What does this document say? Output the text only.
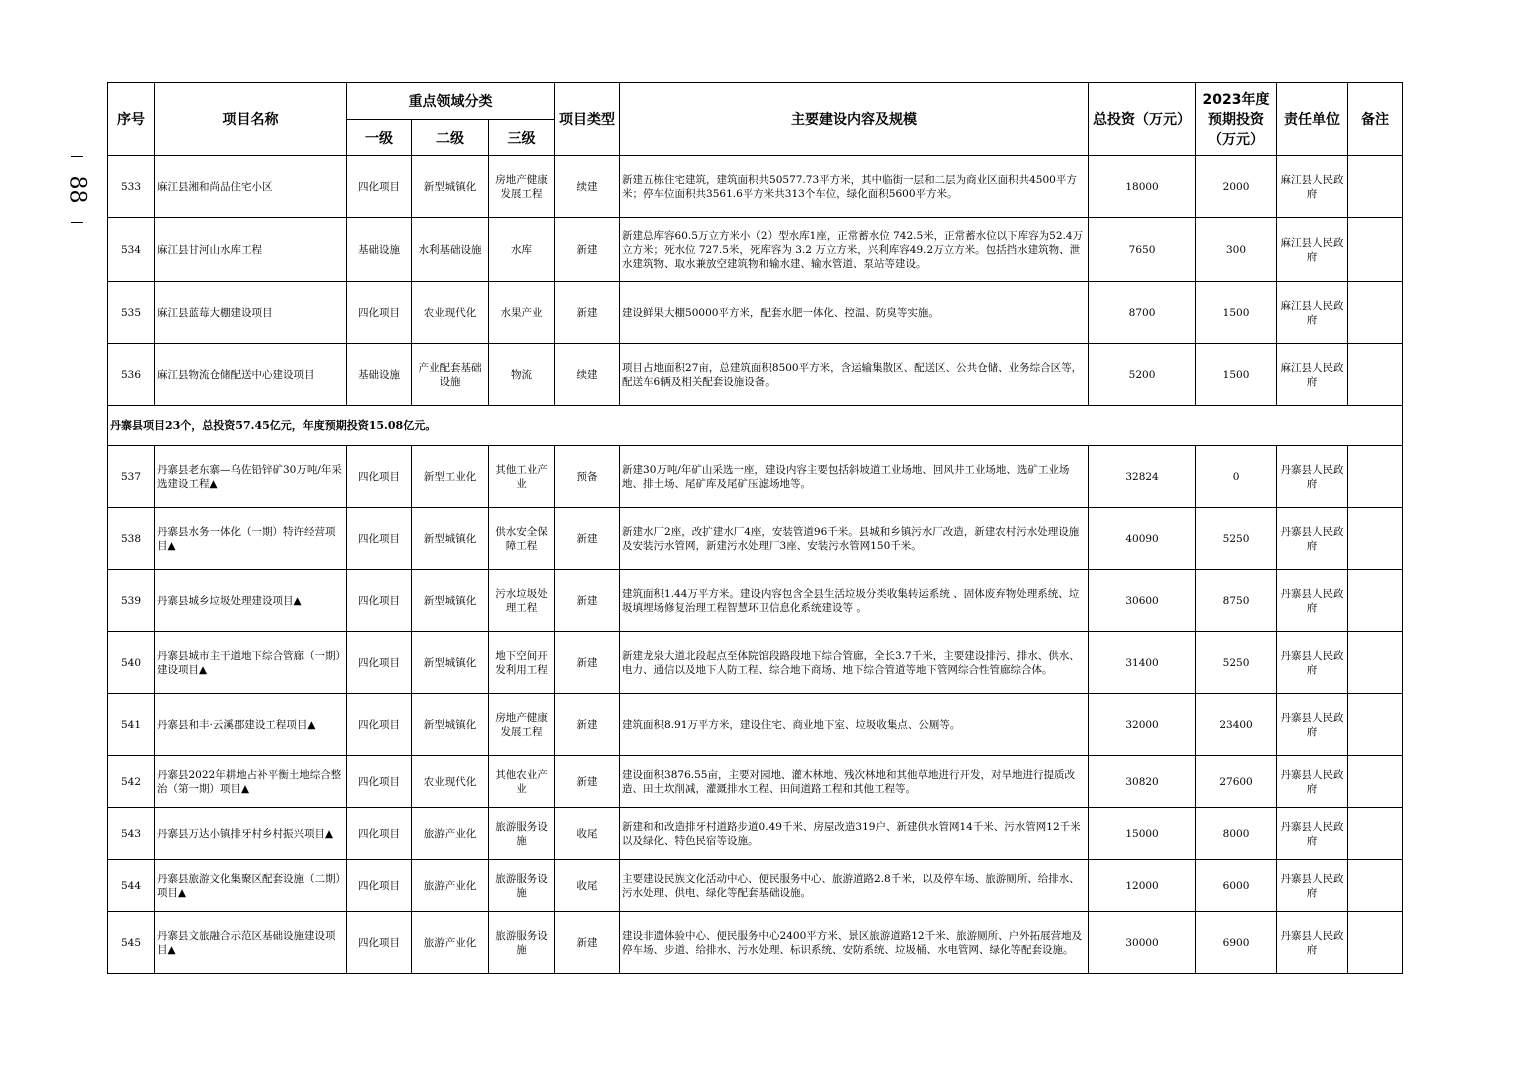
88
序号	项目名称	重点领域分类			项目类型	主要建设内容及规模	总投资（万元）	2023年度预期投资（万元）	责任单位	备注
		一级	二级	三级						
533	麻江县湘和尚品住宅小区	四化项目	新型城镇化	房地产健康发展工程	续建	新建五栋住宅建筑，建筑面积共50577.73平方米，其中临街一层和二层为商业区面积共4500平方米；停车位面积共3561.6平方米共313个车位，绿化面积5600平方米。	18000	2000	麻江县人民政府	
534	麻江县甘河山水库工程	基础设施	水利基础设施	水库	新建	新建总库容60.5万立方米小（2）型水库1座，正常蓄水位 742.5米，正常蓄水位以下库容为52.4万立方米；死水位 727.5米，死库容为 3.2 万立方米，兴利库容49.2万立方米。包括挡水建筑物、泄水建筑物、取水兼放空建筑物和输水建、输水管道、泵站等建设。	7650	300	麻江县人民政府	
535	麻江县蓝莓大棚建设项目	四化项目	农业现代化	水果产业	新建	建设鲜果大棚50000平方米，配套水肥一体化、控温、防臭等实施。	8700	1500	麻江县人民政府	
536	麻江县物流仓储配送中心建设项目	基础设施	产业配套基础设施	物流	续建	项目占地面积27亩，总建筑面积8500平方米，含运输集散区、配送区、公共仓储、业务综合区等，配送车6辆及相关配套设施设备。	5200	1500	麻江县人民政府	
丹寨县项目23个，总投资57.45亿元，年度预期投资15.08亿元。										
537	丹寨县老东寨—乌佐铅锌矿30万吨/年采选建设工程▲	四化项目	新型工业化	其他工业产业	预备	新建30万吨/年矿山采选一座，建设内容主要包括斜坡道工业场地、回风井工业场地、选矿工业场地、排土场、尾矿库及尾矿压滤场地等。	32824	0	丹寨县人民政府	
538	丹寨县水务一体化（一期）特许经营项目▲	四化项目	新型城镇化	供水安全保障工程	新建	新建水厂2座，改扩建水厂4座，安装管道96千米。县城和乡镇污水厂改造，新建农村污水处理设施及安装污水管网，新建污水处理厂3座、安装污水管网150千米。	40090	5250	丹寨县人民政府	
539	丹寨县城乡垃圾处理建设项目▲	四化项目	新型城镇化	污水垃圾处理工程	新建	建筑面积1.44万平方米。建设内容包含全县生活垃圾分类收集转运系统 、固体废弃物处理系统、垃圾填埋场修复治理工程智慧环卫信息化系统建设等 。	30600	8750	丹寨县人民政府	
540	丹寨县城市主干道地下综合管廊（一期）建设项目▲	四化项目	新型城镇化	地下空间开发利用工程	新建	新建龙泉大道北段起点至体院馆段路段地下综合管廊，全长3.7千米，主要建设排污、排水、供水、电力、通信以及地下人防工程、综合地下商场、地下综合管道等地下管网综合性管廊综合体。	31400	5250	丹寨县人民政府	
541	丹寨县和丰·云溪郡建设工程项目▲	四化项目	新型城镇化	房地产健康发展工程	新建	建筑面积8.91万平方米，建设住宅、商业地下室、垃圾收集点、公厕等。	32000	23400	丹寨县人民政府	
542	丹寨县2022年耕地占补平衡土地综合整治（第一期）项目▲	四化项目	农业现代化	其他农业产业	新建	建设面积3876.55亩，主要对园地、灌木林地、残次林地和其他草地进行开发，对旱地进行提质改造、田土坎削减，灌溉排水工程、田间道路工程和其他工程等。	30820	27600	丹寨县人民政府	
543	丹寨县万达小镇排牙村乡村振兴项目▲	四化项目	旅游产业化	旅游服务设施	收尾	新建和和改造排牙村道路步道0.49千米、房屋改造319户、新建供水管网14千米、污水管网12千米以及绿化、特色民宿等设施。	15000	8000	丹寨县人民政府	
544	丹寨县旅游文化集聚区配套设施（二期）项目▲	四化项目	旅游产业化	旅游服务设施	收尾	主要建设民族文化活动中心、便民服务中心、旅游道路2.8千米，以及停车场、旅游厕所、给排水、污水处理、供电、绿化等配套基础设施。	12000	6000	丹寨县人民政府	
545	丹寨县文旅融合示范区基础设施建设项目▲	四化项目	旅游产业化	旅游服务设施	新建	建设非遗体验中心、便民服务中心2400平方米、景区旅游道路12千米、旅游厕所、户外拓展营地及停车场、步道、给排水、污水处理、标识系统、安防系统、垃圾桶、水电管网、绿化等配套设施。	30000	6900	丹寨县人民政府	
